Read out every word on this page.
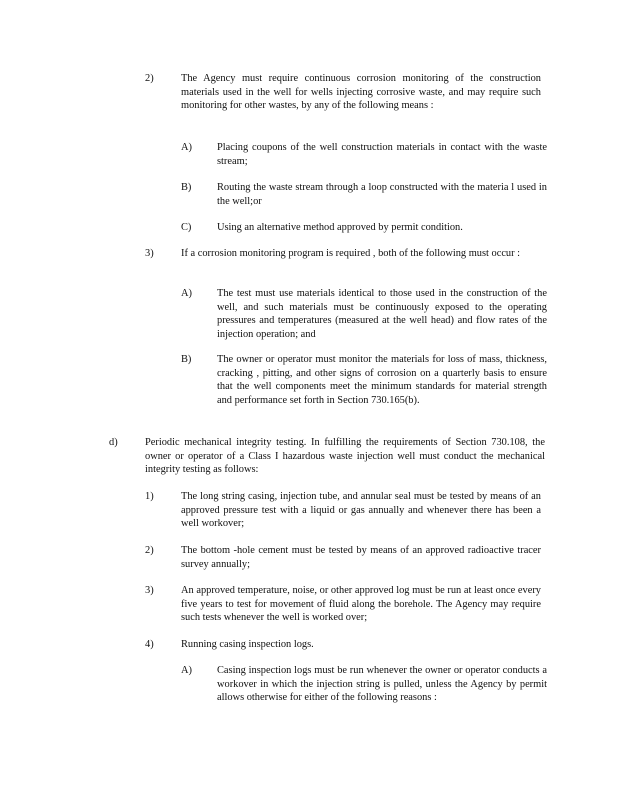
2)	The Agency must require continuous corrosion monitoring of the construction materials used in the well for wells injecting corrosive waste, and may require such monitoring for other wastes, by any of the following means :
A) Placing coupons of the well construction materials in contact with the waste stream;
B) Routing the waste stream through a loop constructed with the materia l used in the well;or
C) Using an alternative method approved by permit condition.
3)	If a corrosion monitoring program is required , both of the following must occur :
A) The test must use materials identical to those used in the construction of the well, and such materials must be continuously exposed to the operating pressures and temperatures (measured at the well head) and flow rates of the injection operation; and
B) The owner or operator must monitor the materials for loss of mass, thickness, cracking , pitting, and other signs of corrosion on a quarterly basis to ensure that the well components meet the minimum standards for material strength and performance set forth in Section 730.165(b).
d)	Periodic mechanical integrity testing. In fulfilling the requirements of Section 730.108, the owner or operator of a Class I hazardous waste injection well must conduct the mechanical integrity testing as follows:
1)	The long string casing, injection tube, and annular seal must be tested by means of an approved pressure test with a liquid or gas annually and whenever there has been a well workover;
2)	The bottom -hole cement must be tested by means of an approved radioactive tracer survey annually;
3)	An approved temperature, noise, or other approved log must be run at least once every five years to test for movement of fluid along the borehole. The Agency may require such tests whenever the well is worked over;
4)	Running casing inspection logs.
A) Casing inspection logs must be run whenever the owner or operator conducts a workover in which the injection string is pulled, unless the Agency by permit allows otherwise for either of the following reasons :
